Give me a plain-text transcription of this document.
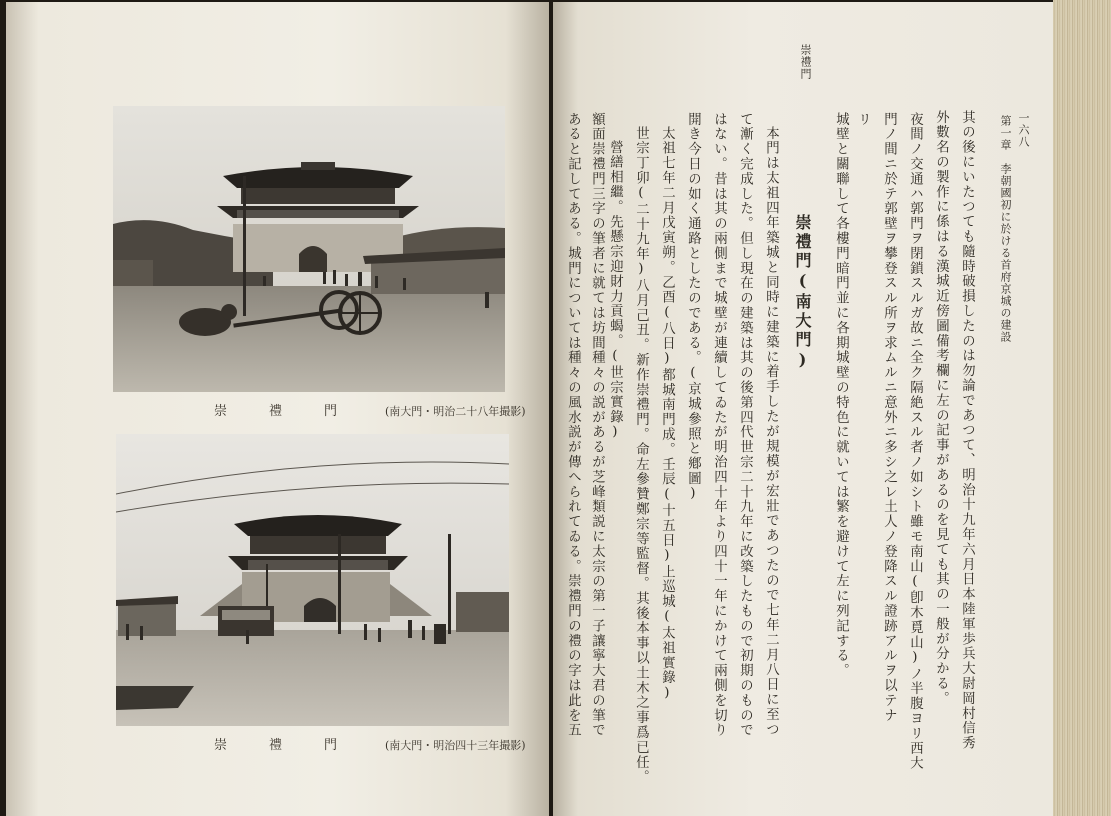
崇禮門 (南大門・明治二十八年撮影)
崇禮門 (南大門・明治四十三年撮影)
一六八
第一章　李朝國初に於ける首府京城の建設
崇禮門
其の後にいたつても隨時破損したのは勿論であつて、明治十九年六月日本陸軍歩兵大尉岡村信秀
外數名の製作に係はる漢城近傍圖備考欄に左の記事があるのを見ても其の一般が分かる。
夜間ノ交通ハ郭門ヲ閉鎖スルガ故ニ全ク隔絶スル者ノ如シト雖モ南山(卽木覓山)ノ半腹ヨリ西大
門ノ間ニ於テ郭壁ヲ攀登スル所ヲ求ムルニ意外ニ多シ之レ土人ノ登降スル證跡アルヲ以テナ
リ
城壁と關聯して各樓門暗門並に各期城壁の特色に就いては繁を避けて左に列記する。
崇禮門(南大門)
本門は太祖四年築城と同時に建築に着手したが規模が宏壯であつたので七年二月八日に至つ
て漸く完成した。但し現在の建築は其の後第四代世宗二十九年に改築したもので初期のもので
はない。昔は其の兩側まで城壁が連續してゐたが明治四十年より四十一年にかけて兩側を切り
開き今日の如く通路としたのである。(京城參照と鄕圖)
太祖七年二月戊寅朔。乙酉(八日)都城南門成。壬辰(十五日)上巡城(太祖實錄)
世宗丁卯(二十九年)八月己丑。新作崇禮門。命左參贊鄭宗等監督。其後本事以土木之事爲已任。
營繕相繼。先懸宗迎財力貢蝎。(世宗實錄)
額面崇禮門三字の筆者に就ては坊間種々の説があるが芝峰類説に太宗の第一子讓寧大君の筆で
あると記してある。城門については種々の風水説が傳へられてゐる。崇禮門の禮の字は此を五
